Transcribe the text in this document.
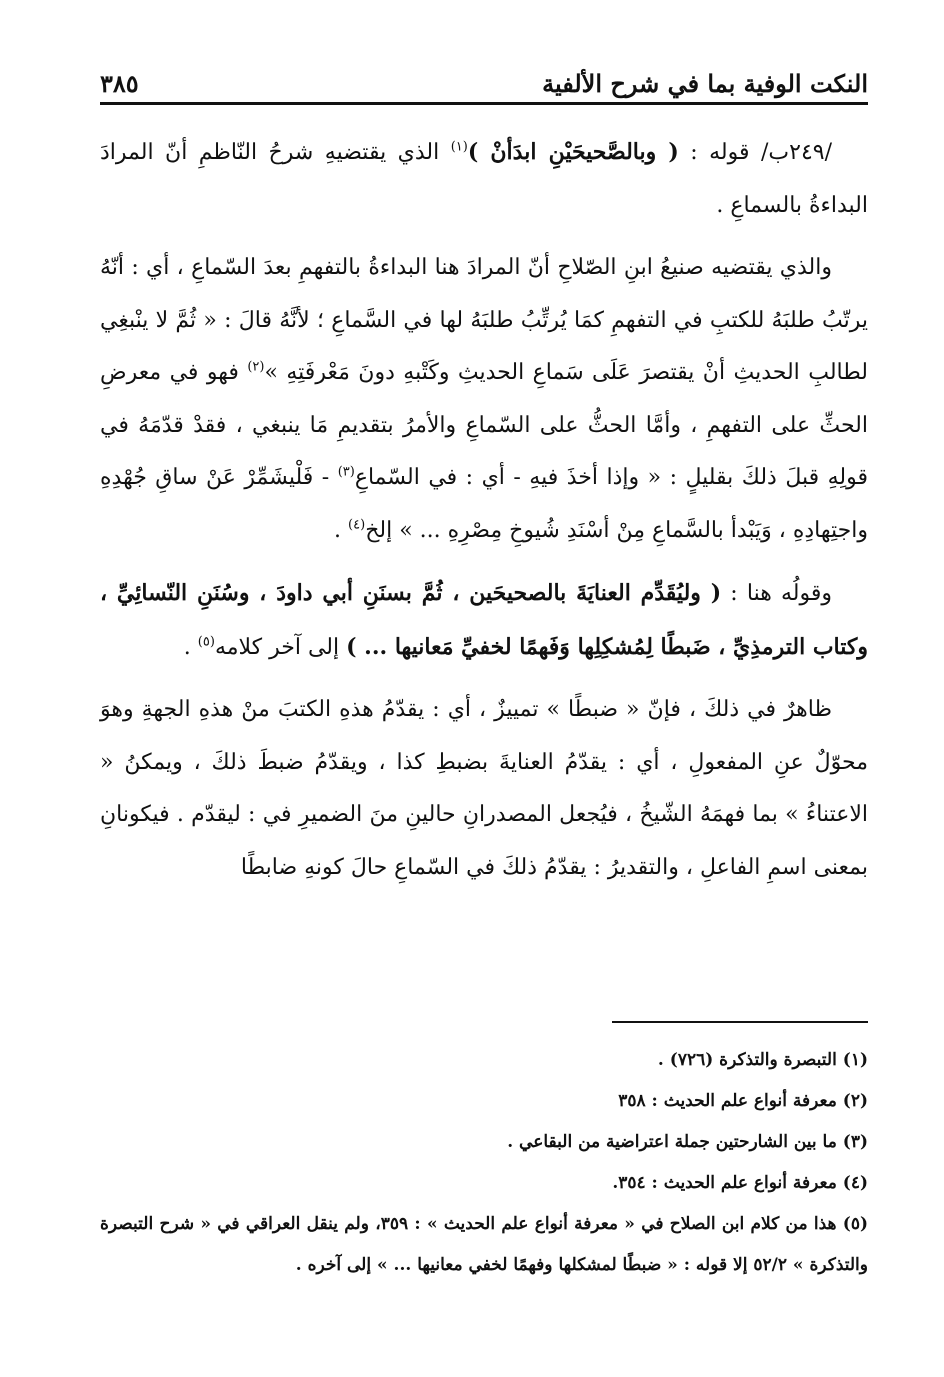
النكت الوفية بما في شرح الألفية
٣٨٥

/٢٤٩ب/ قوله : ( وبالصَّحيحَيْنِ ابدَأنْ )$^{(١)}$ الذي يقتضيهِ شرحُ النّاظمِ أنّ المرادَ البداءةُ بالسماعِ .

والذي يقتضيه صنيعُ ابنِ الصّلاحِ أنّ المرادَ هنا البداءةُ بالتفهمِ بعدَ السّماعِ ، أي : أنّهُ يرتّبُ طلبَهُ للكتبِ في التفهمِ كمَا يُرتِّبُ طلبَهُ لها في السَّماعِ ؛ لأنَّهُ قالَ : « ثُمَّ لا ينْبغِي لطالبِ الحديثِ أنْ يقتصرَ عَلَى سَماعِ الحديثِ وكَتْبهِ دونَ مَعْرفَتِهِ »$^{(٢)}$ فهو في معرضِ الحثِّ على التفهمِ ، وأمَّا الحثُّ على السّماعِ والأمرُ بتقديمِ مَا ينبغي ، فقدْ قدّمَهُ في قولِهِ قبلَ ذلكَ بقليلٍ : « وإذا أخذَ فيهِ - أي : في السّماعِ$^{(٣)}$ - فَلْيشَمِّرْ عَنْ ساقِ جُهْدِهِ واجتِهادِهِ ، وَيَبْدأ بالسَّماعِ مِنْ أسْنَدِ شُيوخِ مِصْرِهِ ... » إلخ$^{(٤)}$ .

وقولُه هنا : ( وليُقَدِّم العنايَةَ بالصحيحَين ، ثُمَّ بسنَنِ أبي داودَ ، وسُنَنِ النّسائِيِّ ، وكتاب الترمذِيِّ ، ضَبطًا لِمُشكِلِها وَفَهمًا لخفيِّ مَعانيها ... ) إلى آخر كلامه$^{(٥)}$ .

ظاهرٌ في ذلكَ ، فإنّ « ضبطًا » تمييزٌ ، أي : يقدّمُ هذهِ الكتبَ منْ هذهِ الجهةِ وهوَ محوّلٌ عنِ المفعولِ ، أي : يقدّمُ العنايةَ بضبطِ كذا ، ويقدّمُ ضبطَ ذلكَ ، ويمكنُ « الاعتناءُ » بما فهمَهُ الشّيخُ ، فيُجعل المصدرانِ حالينِ منَ الضميرِ في : ليقدّم . فيكونانِ بمعنى اسمِ الفاعلِ ، والتقديرُ : يقدّمُ ذلكَ في السّماعِ حالَ كونهِ ضابطًا

(١) التبصرة والتذكرة (٧٢٦) .
(٢) معرفة أنواع علم الحديث : ٣٥٨
(٣) ما بين الشارحتين جملة اعتراضية من البقاعي .
(٤) معرفة أنواع علم الحديث : ٣٥٤.
(٥) هذا من كلام ابن الصلاح في « معرفة أنواع علم الحديث » : ٣٥٩، ولم ينقل العراقي في « شرح التبصرة والتذكرة » ٥٢/٢ إلا قوله : « ضبطًا لمشكلها وفهمًا لخفي معانيها ... » إلى آخره .
